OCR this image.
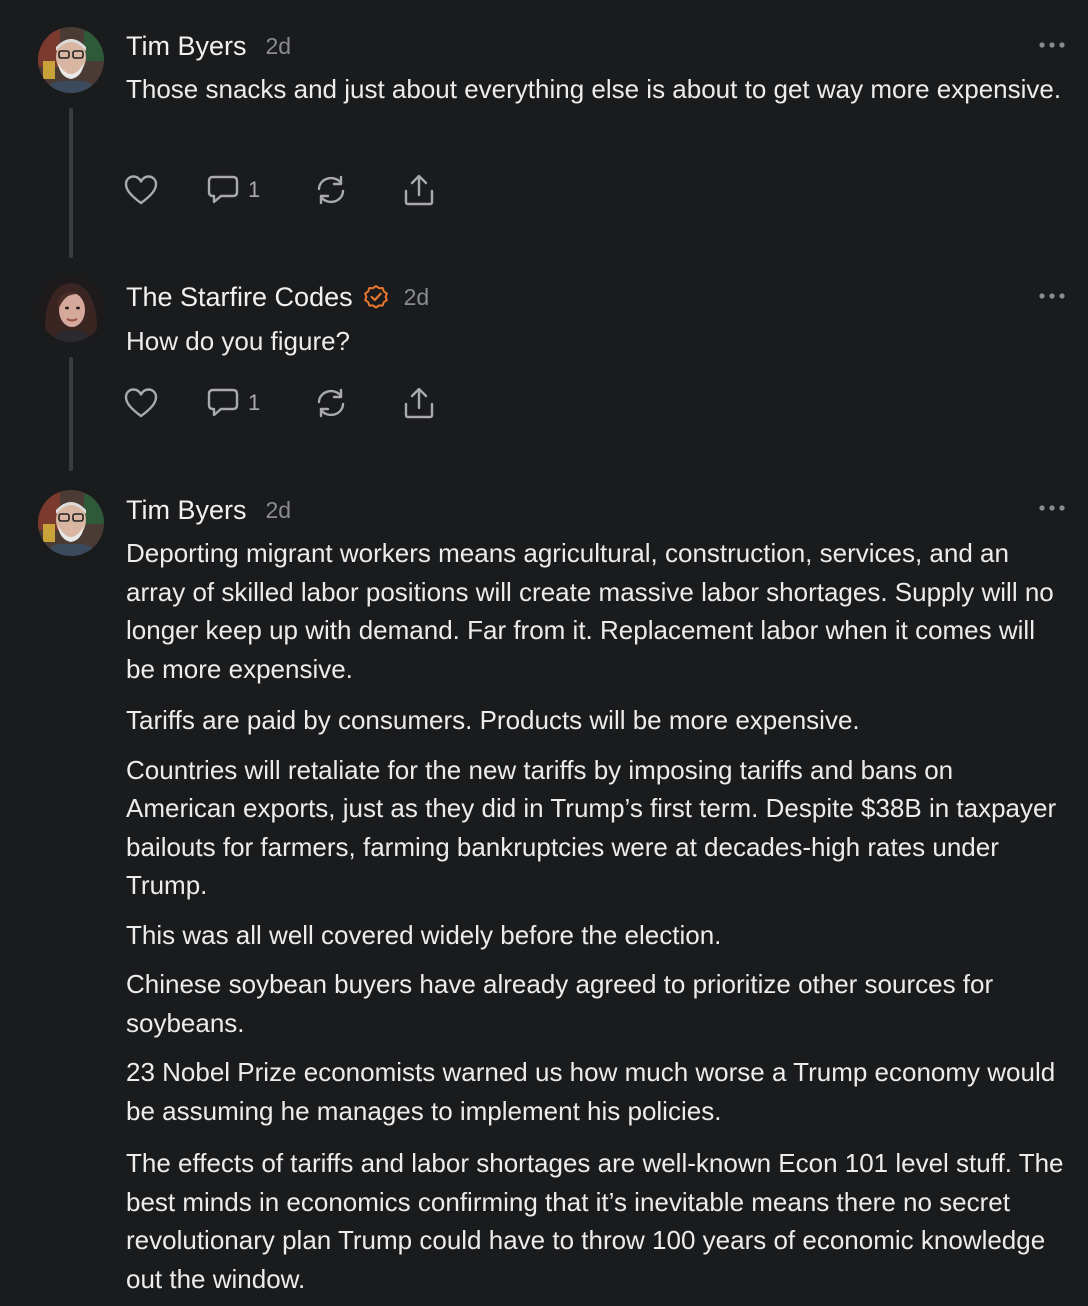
Tim Byers 2d

Those snacks and just about everything else is about to get way more expensive.

1
The Starfire Codes 2d

How do you figure?

1
Tim Byers 2d

Deporting migrant workers means agricultural, construction, services, and an array of skilled labor positions will create massive labor shortages. Supply will no longer keep up with demand. Far from it. Replacement labor when it comes will be more expensive.

Tariffs are paid by consumers. Products will be more expensive.

Countries will retaliate for the new tariffs by imposing tariffs and bans on American exports, just as they did in Trump’s first term. Despite $38B in taxpayer bailouts for farmers, farming bankruptcies were at decades-high rates under Trump.

This was all well covered widely before the election.

Chinese soybean buyers have already agreed to prioritize other sources for soybeans.

23 Nobel Prize economists warned us how much worse a Trump economy would be assuming he manages to implement his policies.

The effects of tariffs and labor shortages are well-known Econ 101 level stuff. The best minds in economics confirming that it’s inevitable means there no secret revolutionary plan Trump could have to throw 100 years of economic knowledge out the window.
